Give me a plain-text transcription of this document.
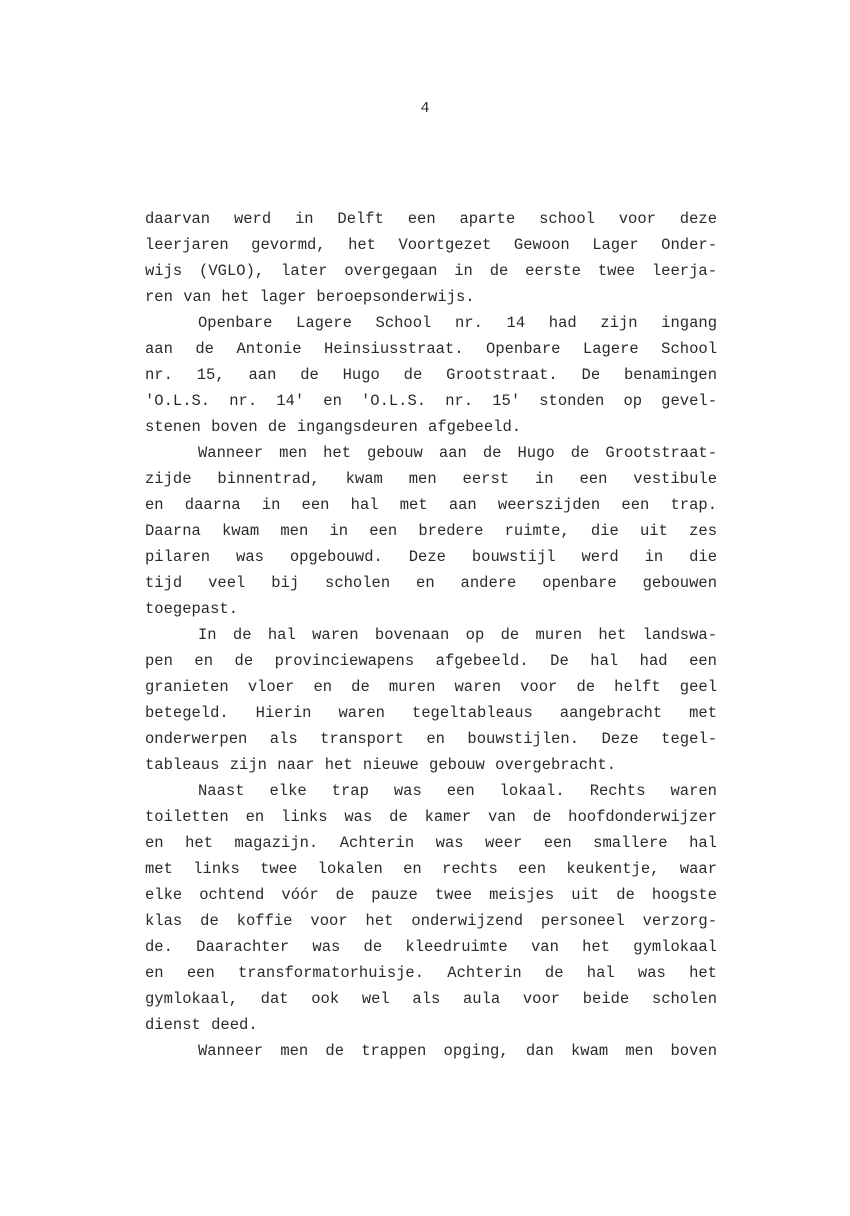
4
daarvan werd in Delft een aparte school voor deze
leerjaren gevormd, het Voortgezet Gewoon Lager Onder-
wijs (VGLO), later overgegaan in de eerste twee leerja-
ren van het lager beroepsonderwijs.
Openbare Lagere School nr. 14 had zijn ingang
aan de Antonie Heinsiusstraat. Openbare Lagere School
nr. 15, aan de Hugo de Grootstraat. De benamingen
'O.L.S. nr. 14' en 'O.L.S. nr. 15' stonden op gevel-
stenen boven de ingangsdeuren afgebeeld.
Wanneer men het gebouw aan de Hugo de Grootstraat-
zijde binnentrad, kwam men eerst in een vestibule
en daarna in een hal met aan weerszijden een trap.
Daarna kwam men in een bredere ruimte, die uit zes
pilaren was opgebouwd. Deze bouwstijl werd in die
tijd veel bij scholen en andere openbare gebouwen
toegepast.
In de hal waren bovenaan op de muren het landswa-
pen en de provinciewapens afgebeeld. De hal had een
granieten vloer en de muren waren voor de helft geel
betegeld. Hierin waren tegeltableaus aangebracht met
onderwerpen als transport en bouwstijlen. Deze tegel-
tableaus zijn naar het nieuwe gebouw overgebracht.
Naast elke trap was een lokaal. Rechts waren
toiletten en links was de kamer van de hoofdonderwijzer
en het magazijn. Achterin was weer een smallere hal
met links twee lokalen en rechts een keukentje, waar
elke ochtend vóór de pauze twee meisjes uit de hoogste
klas de koffie voor het onderwijzend personeel verzorg-
de. Daarachter was de kleedruimte van het gymlokaal
en een transformatorhuisje. Achterin de hal was het
gymlokaal, dat ook wel als aula voor beide scholen
dienst deed.
Wanneer men de trappen opging, dan kwam men boven
